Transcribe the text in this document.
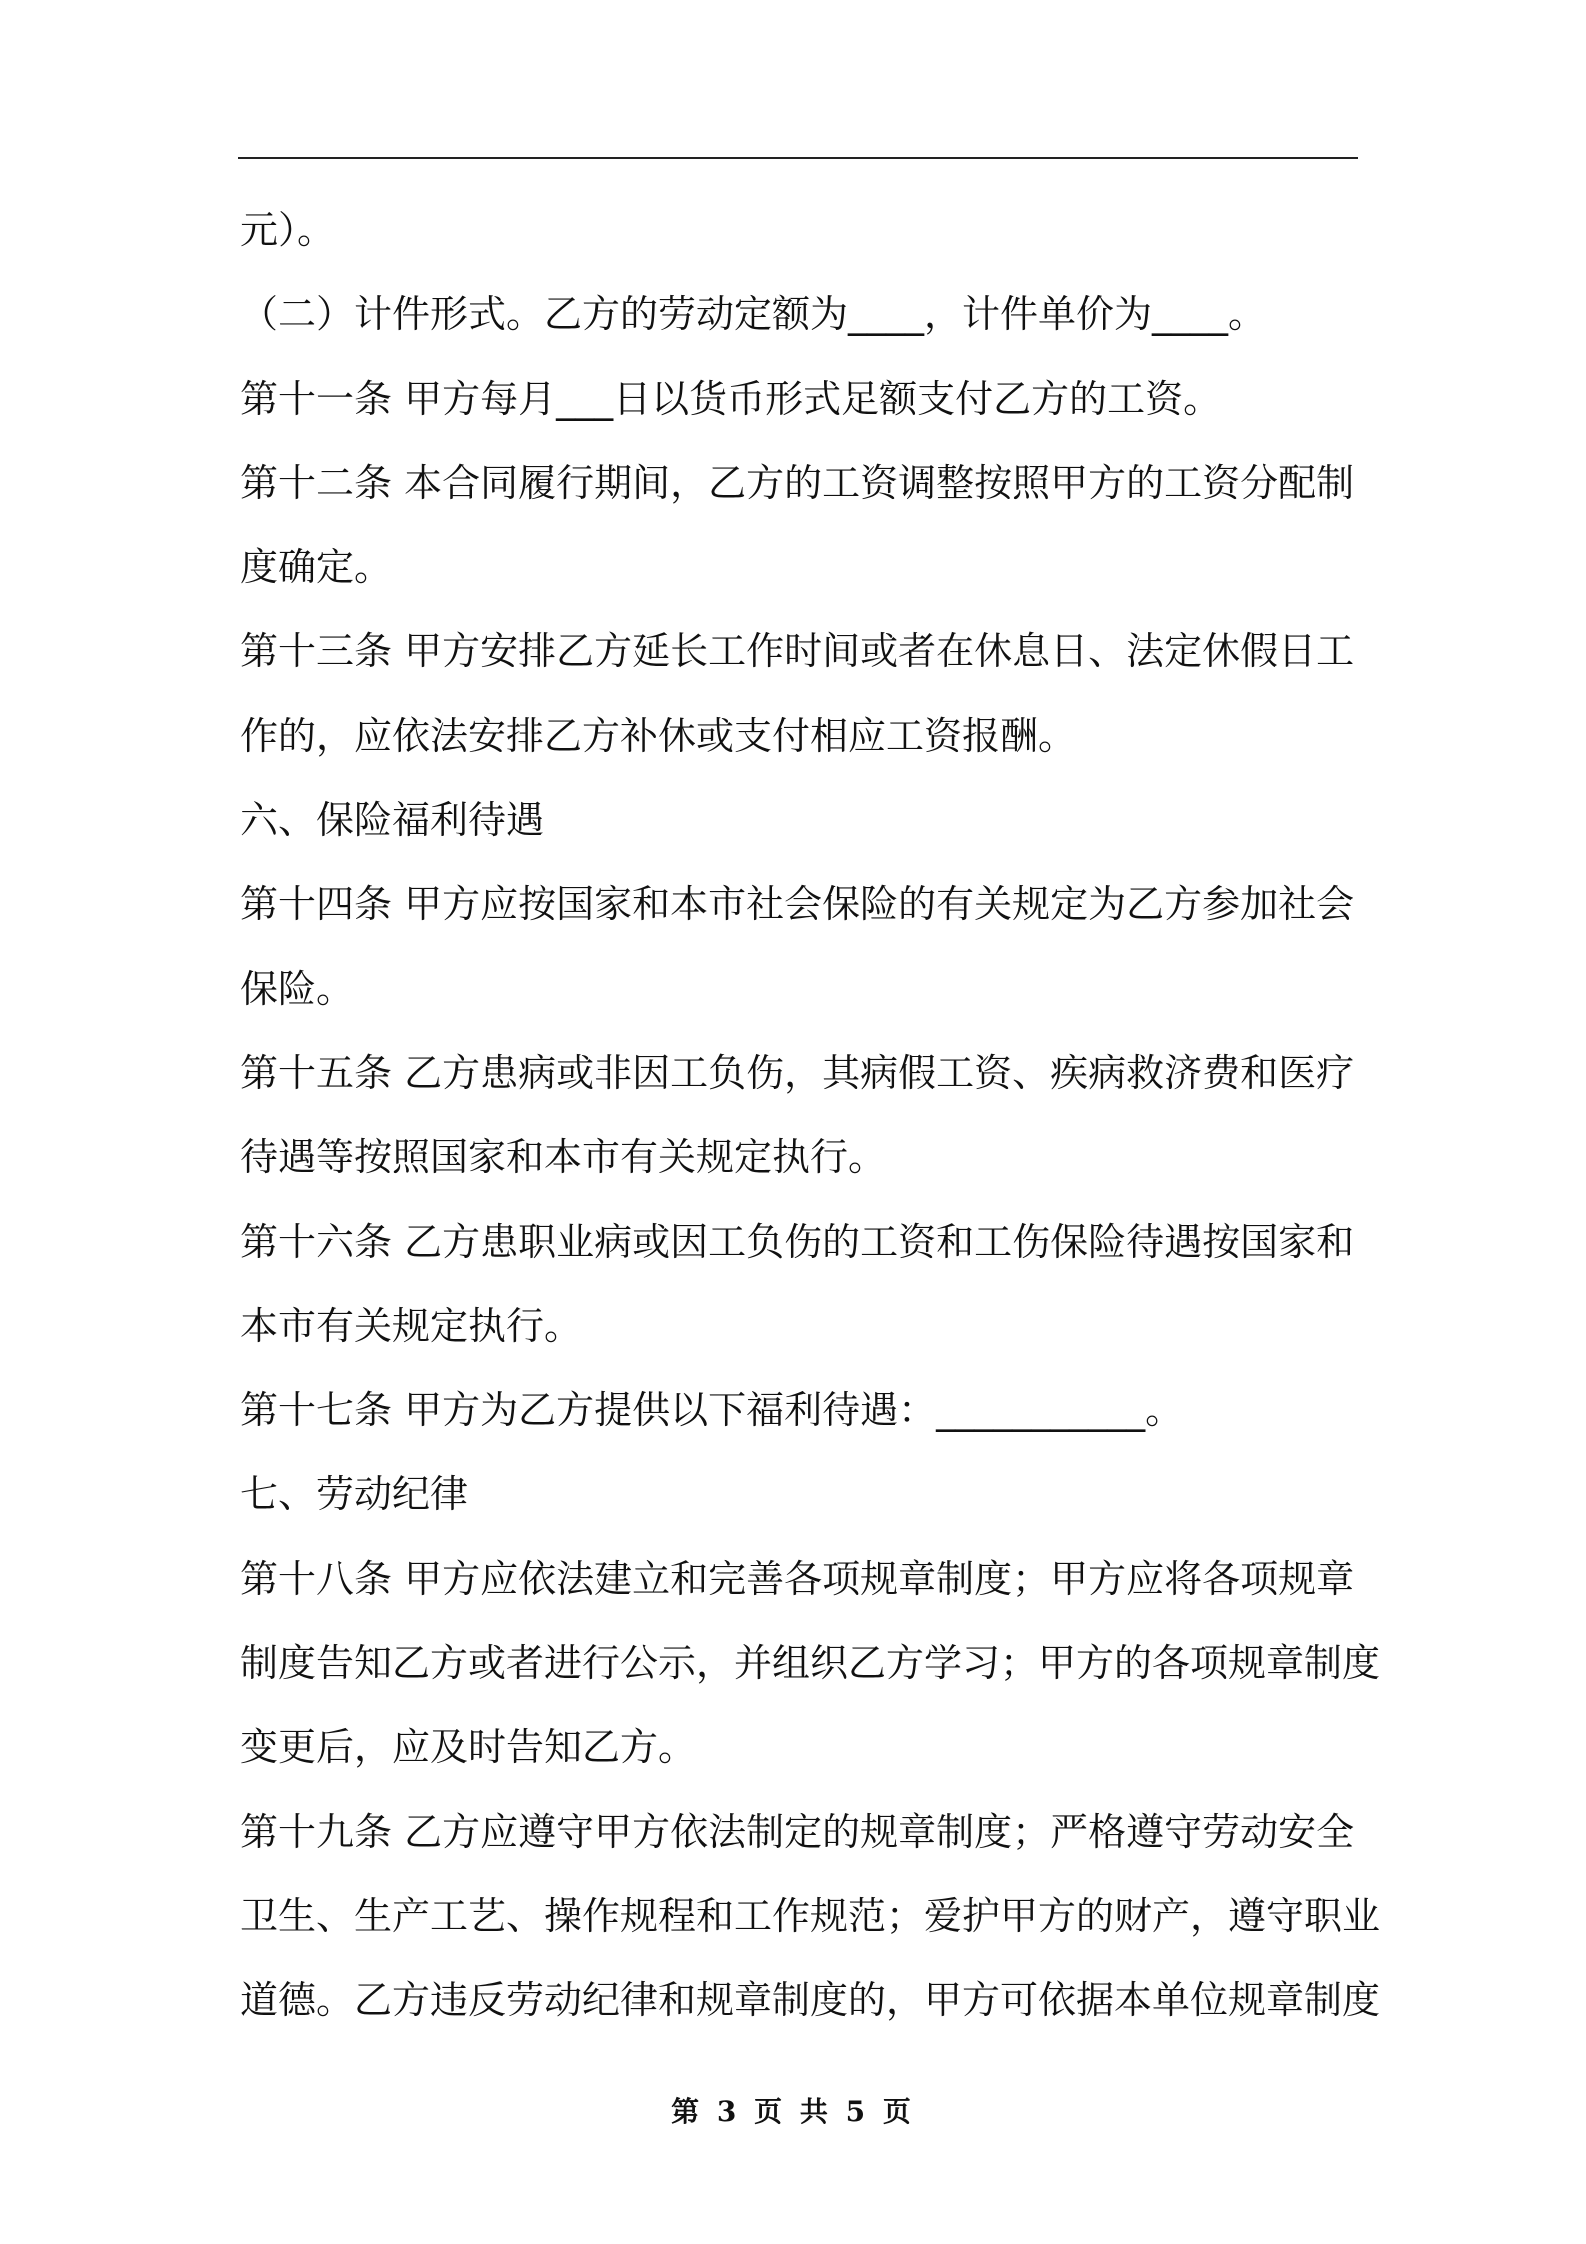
元）。
（二）计件形式。乙方的劳动定额为____，计件单价为____。
第十一条 甲方每月___日以货币形式足额支付乙方的工资。
第十二条 本合同履行期间，乙方的工资调整按照甲方的工资分配制
度确定。
第十三条 甲方安排乙方延长工作时间或者在休息日、法定休假日工
作的，应依法安排乙方补休或支付相应工资报酬。
六、保险福利待遇
第十四条 甲方应按国家和本市社会保险的有关规定为乙方参加社会
保险。
第十五条 乙方患病或非因工负伤，其病假工资、疾病救济费和医疗
待遇等按照国家和本市有关规定执行。
第十六条 乙方患职业病或因工负伤的工资和工伤保险待遇按国家和
本市有关规定执行。
第十七条 甲方为乙方提供以下福利待遇：___________。
七、劳动纪律
第十八条 甲方应依法建立和完善各项规章制度；甲方应将各项规章
制度告知乙方或者进行公示，并组织乙方学习；甲方的各项规章制度
变更后，应及时告知乙方。
第十九条 乙方应遵守甲方依法制定的规章制度；严格遵守劳动安全
卫生、生产工艺、操作规程和工作规范；爱护甲方的财产，遵守职业
道德。乙方违反劳动纪律和规章制度的，甲方可依据本单位规章制度
第 3 页 共 5 页
